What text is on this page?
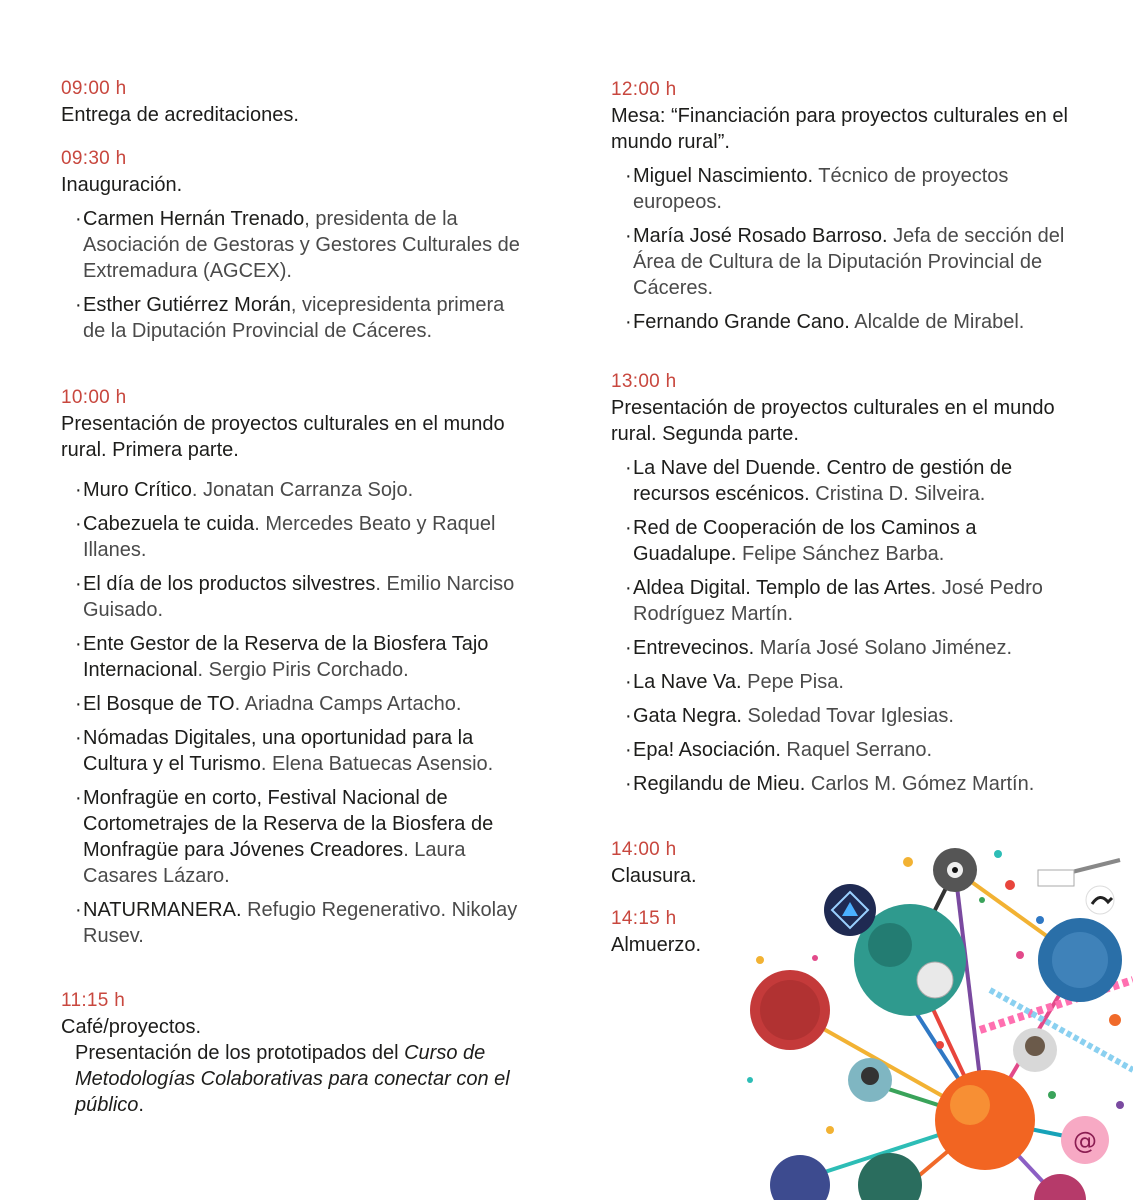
09:00 h
Entrega de acreditaciones.
09:30 h
Inauguración.
· Carmen Hernán Trenado, presidenta de la Asociación de Gestoras y Gestores Culturales de Extremadura (AGCEX).
· Esther Gutiérrez Morán, vicepresidenta primera de la Diputación Provincial de Cáceres.
10:00 h
Presentación de proyectos culturales en el mundo rural. Primera parte.
· Muro Crítico. Jonatan Carranza Sojo.
· Cabezuela te cuida. Mercedes Beato y Raquel Illanes.
· El día de los productos silvestres. Emilio Narciso Guisado.
· Ente Gestor de la Reserva de la Biosfera Tajo Internacional. Sergio Piris Corchado.
· El Bosque de TO. Ariadna Camps Artacho.
· Nómadas Digitales, una oportunidad para la Cultura y el Turismo. Elena Batuecas Asensio.
· Monfragüe en corto, Festival Nacional de Cortometrajes de la Reserva de la Biosfera de Monfragüe para Jóvenes Creadores. Laura Casares Lázaro.
· NATURMANERA. Refugio Regenerativo. Nikolay Rusev.
11:15 h
Café/proyectos.
Presentación de los prototipados del Curso de Metodologías Colaborativas para conectar con el público.
12:00 h
Mesa: “Financiación para proyectos culturales en el mundo rural”.
· Miguel Nascimiento. Técnico de proyectos europeos.
· María José Rosado Barroso. Jefa de sección del Área de Cultura de la Diputación Provincial de Cáceres.
· Fernando Grande Cano. Alcalde de Mirabel.
13:00 h
Presentación de proyectos culturales en el mundo rural. Segunda parte.
· La Nave del Duende. Centro de gestión de recursos escénicos. Cristina D. Silveira.
· Red de Cooperación de los Caminos a Guadalupe. Felipe Sánchez Barba.
· Aldea Digital. Templo de las Artes. José Pedro Rodríguez Martín.
· Entrevecinos. María José Solano Jiménez.
· La Nave Va. Pepe Pisa.
· Gata Negra. Soledad Tovar Iglesias.
· Epa! Asociación. Raquel Serrano.
· Regilandu de Mieu. Carlos M. Gómez Martín.
14:00 h
Clausura.
14:15 h
Almuerzo.
@
